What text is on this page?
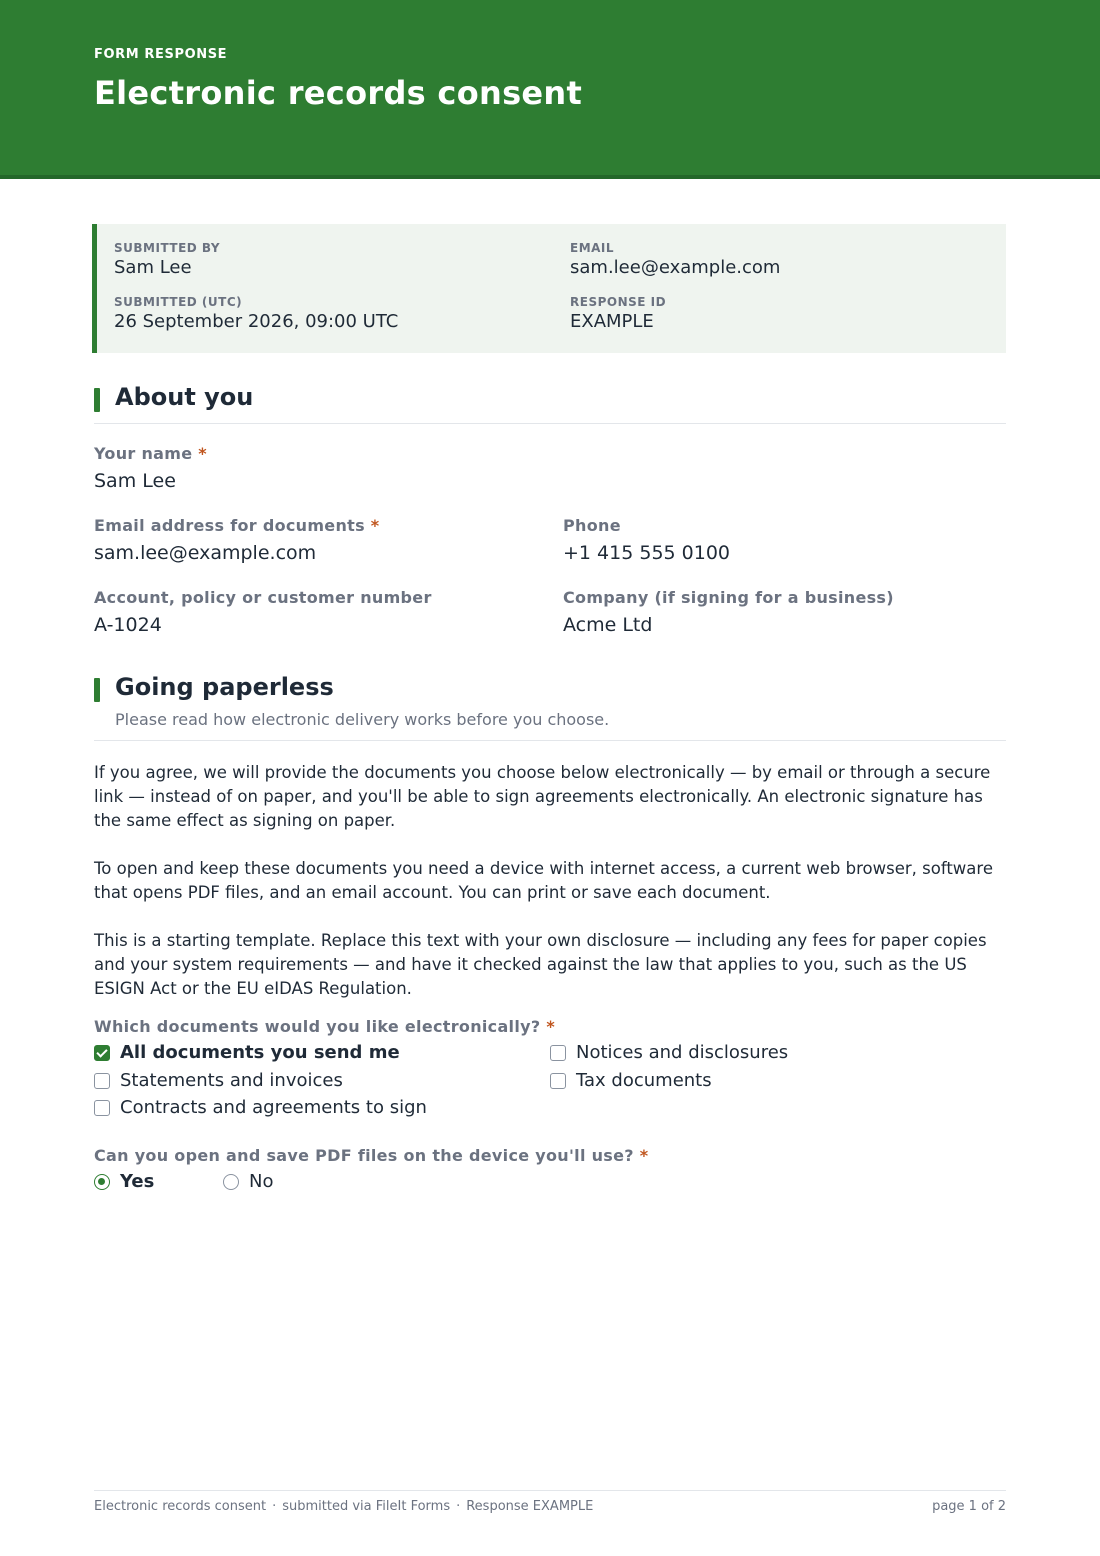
FORM RESPONSE
Electronic records consent
SUBMITTED BY
Sam Lee
EMAIL
sam.lee@example.com
SUBMITTED (UTC)
26 September 2026, 09:00 UTC
RESPONSE ID
EXAMPLE
About you
Your name *
Sam Lee
Email address for documents *
sam.lee@example.com
Phone
+1 415 555 0100
Account, policy or customer number
A-1024
Company (if signing for a business)
Acme Ltd
Going paperless
Please read how electronic delivery works before you choose.
If you agree, we will provide the documents you choose below electronically — by email or through a secure link — instead of on paper, and you'll be able to sign agreements electronically. An electronic signature has the same effect as signing on paper.
To open and keep these documents you need a device with internet access, a current web browser, software that opens PDF files, and an email account. You can print or save each document.
This is a starting template. Replace this text with your own disclosure — including any fees for paper copies and your system requirements — and have it checked against the law that applies to you, such as the US ESIGN Act or the EU eIDAS Regulation.
Which documents would you like electronically? *
All documents you send me	Notices and disclosures
Statements and invoices	Tax documents
Contracts and agreements to sign
Can you open and save PDF files on the device you'll use? *
Yes	No
Electronic records consent · submitted via FileIt Forms · Response EXAMPLE	page 1 of 2
